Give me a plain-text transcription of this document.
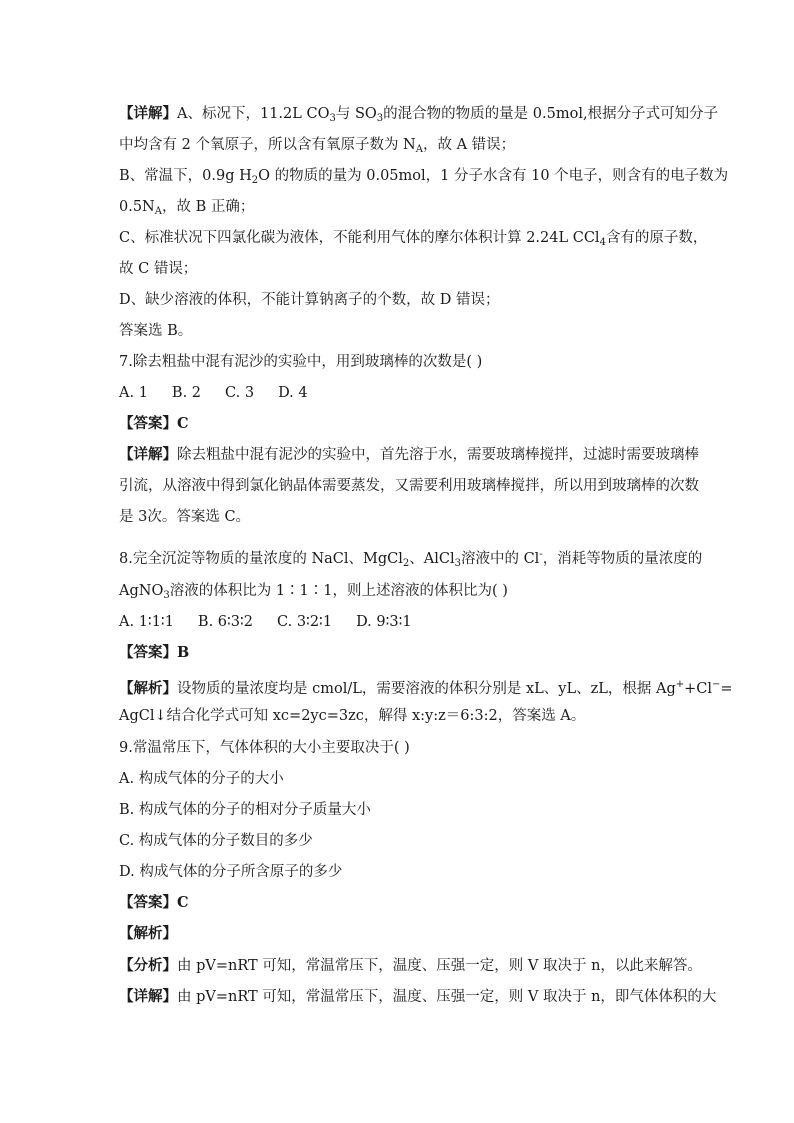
【详解】A、标况下，11.2L $CO_3$与 $SO_3$的混合物的物质的量是 0.5mol,根据分子式可知分子
中均含有 2 个氧原子，所以含有氧原子数为 $N_A$，故 A 错误；
B、常温下，0.9g $H_2O$ 的物质的量为 0.05mol，1 分子水含有 10 个电子，则含有的电子数为
$0.5N_A$，故 B 正确；
C、标准状况下四氯化碳为液体，不能利用气体的摩尔体积计算 2.24L CCl$_4$含有的原子数，
故 C 错误；
D、缺少溶液的体积，不能计算钠离子的个数，故 D 错误；
答案选 B。
7.除去粗盐中混有泥沙的实验中，用到玻璃棒的次数是( )
A. 1 B. 2 C. 3 D. 4
【答案】C
【详解】除去粗盐中混有泥沙的实验中，首先溶于水，需要玻璃棒搅拌，过滤时需要玻璃棒
引流，从溶液中得到氯化钠晶体需要蒸发，又需要利用玻璃棒搅拌，所以用到玻璃棒的次数
是 3次。答案选 C。
8.完全沉淀等物质的量浓度的 NaCl、MgCl$_2$、AlCl$_3$溶液中的 Cl-，消耗等物质的量浓度的
AgNO$_3$溶液的体积比为 1∶1∶1，则上述溶液的体积比为( )
A. 1∶1∶1 B. 6∶3∶2 C. 3∶2∶1 D. 9∶3∶1
【答案】B
【解析】设物质的量浓度均是 cmol/L，需要溶液的体积分别是 xL、yL、zL，根据 Ag++Cl−=
AgCl↓结合化学式可知 xc=2yc=3zc，解得 x:y:z＝6:3:2，答案选 A。
9.常温常压下，气体体积的大小主要取决于( )
A. 构成气体的分子的大小
B. 构成气体的分子的相对分子质量大小
C. 构成气体的分子数目的多少
D. 构成气体的分子所含原子的多少
【答案】C
【解析】
【分析】由 pV=nRT 可知，常温常压下，温度、压强一定，则 V 取决于 n，以此来解答。
【详解】由 pV=nRT 可知，常温常压下，温度、压强一定，则 V 取决于 n，即气体体积的大
